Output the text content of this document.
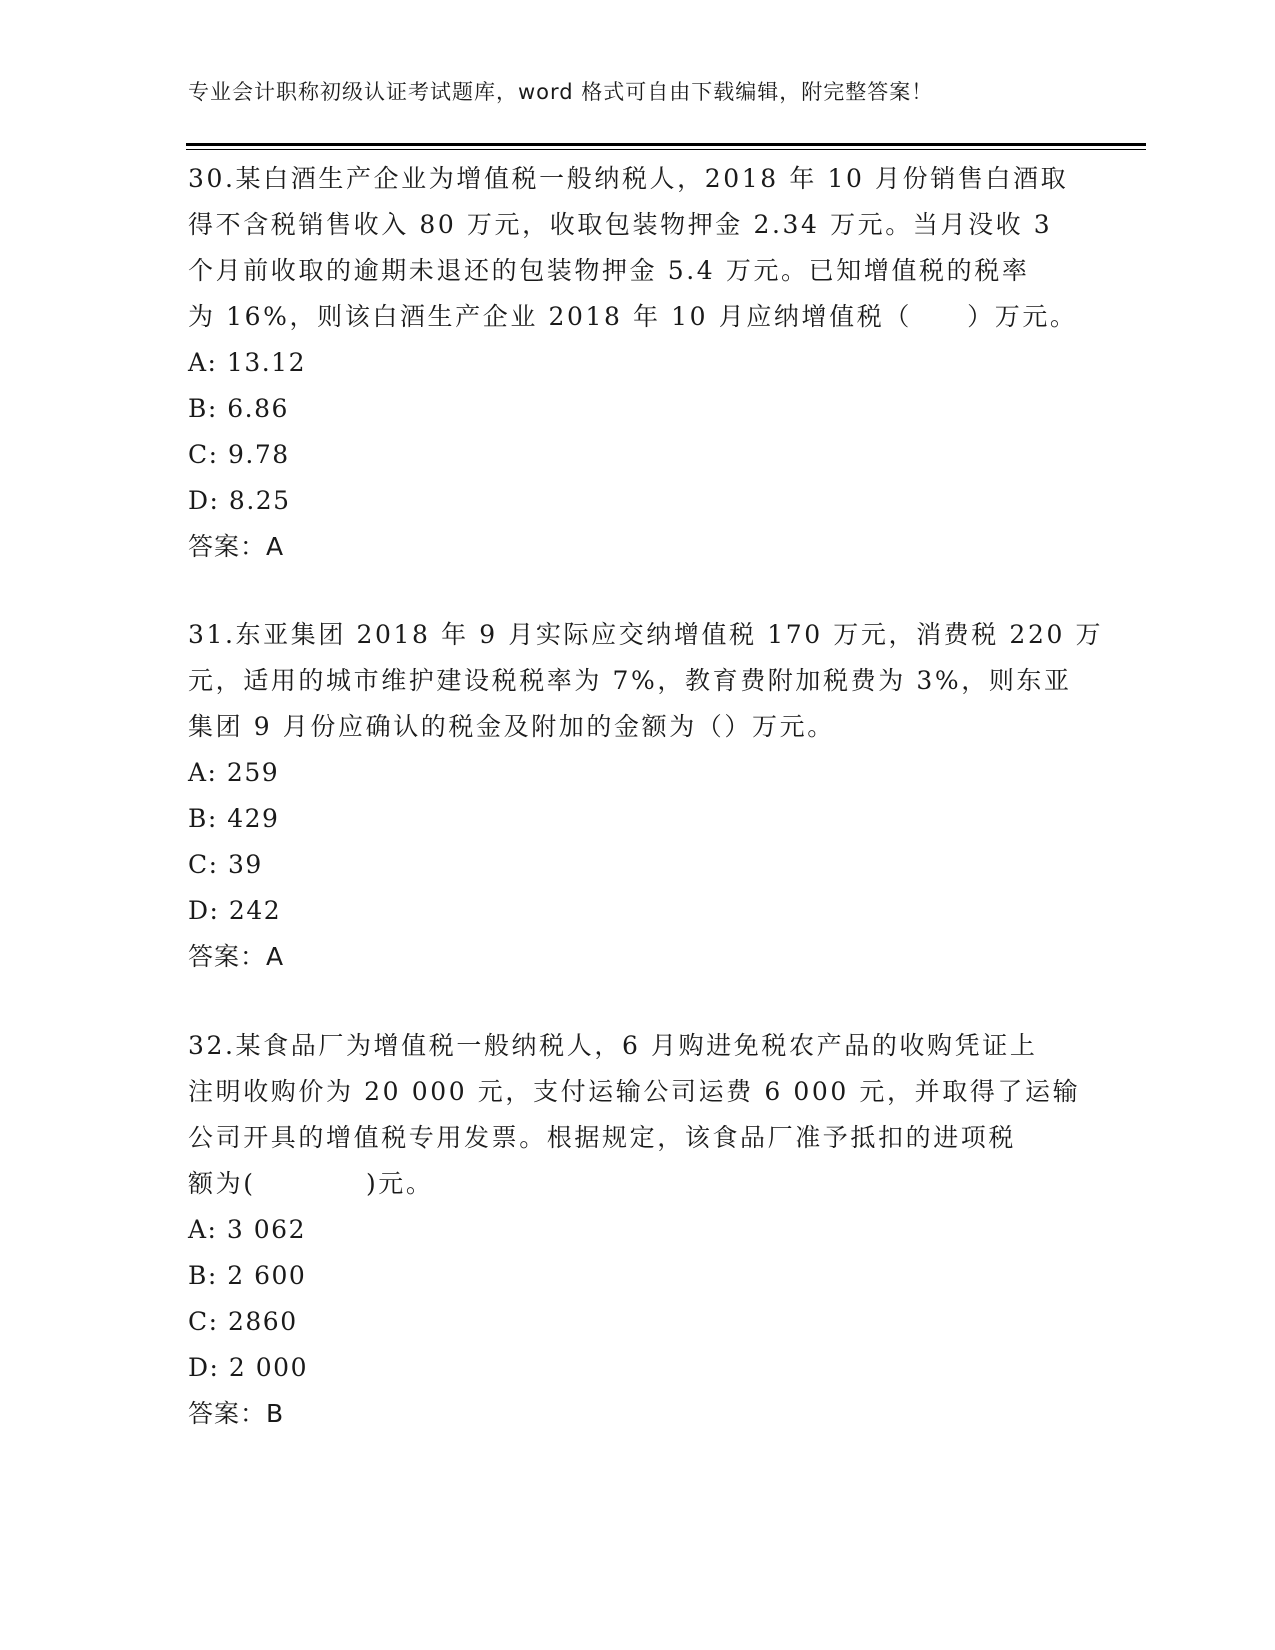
专业会计职称初级认证考试题库，word 格式可自由下载编辑，附完整答案！
30.某白酒生产企业为增值税一般纳税人，2018 年 10 月份销售白酒取
得不含税销售收入 80 万元，收取包装物押金 2.34 万元。当月没收 3
个月前收取的逾期未退还的包装物押金 5.4 万元。已知增值税的税率
为 16%，则该白酒生产企业 2018 年 10 月应纳增值税（　　）万元。
A: 13.12
B: 6.86
C: 9.78
D: 8.25
答案：A
31.东亚集团 2018 年 9 月实际应交纳增值税 170 万元，消费税 220 万
元，适用的城市维护建设税税率为 7%，教育费附加税费为 3%，则东亚
集团 9 月份应确认的税金及附加的金额为（）万元。
A: 259
B: 429
C: 39
D: 242
答案：A
32.某食品厂为增值税一般纳税人，6 月购进免税农产品的收购凭证上
注明收购价为 20 000 元，支付运输公司运费 6 000 元，并取得了运输
公司开具的增值税专用发票。根据规定，该食品厂准予抵扣的进项税
额为(　　　　)元。
A: 3 062
B: 2 600
C: 2860
D: 2 000
答案：B
